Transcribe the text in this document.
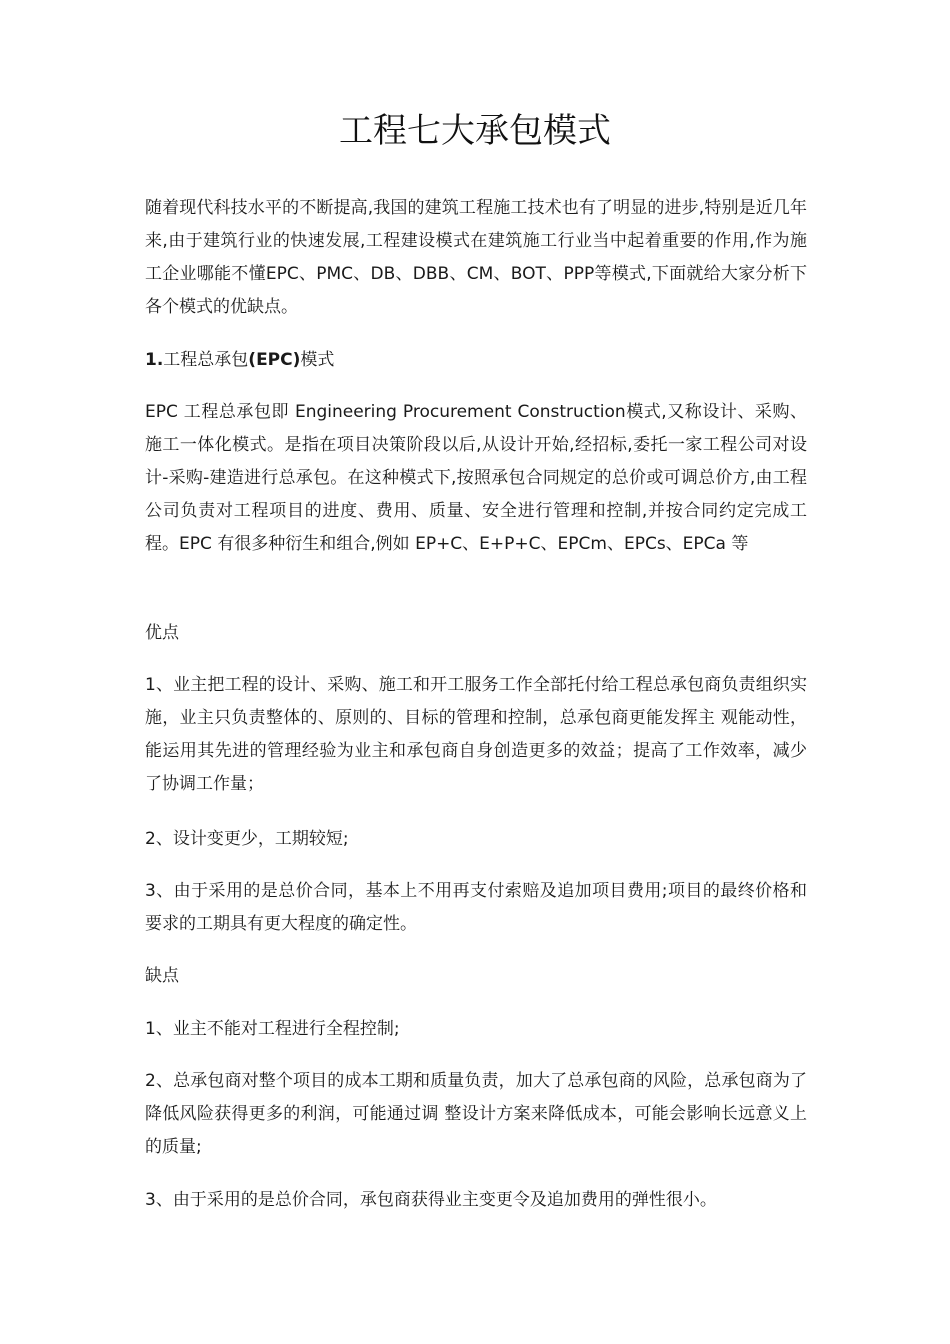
工程七大承包模式

随着现代科技水平的不断提高,我国的建筑工程施工技术也有了明显的进步,特别是近几年来,由于建筑行业的快速发展,工程建设模式在建筑施工行业当中起着重要的作用,作为施工企业哪能不懂EPC、PMC、DB、DBB、CM、BOT、PPP等模式,下面就给大家分析下各个模式的优缺点。

1.工程总承包(EPC)模式

EPC 工程总承包即 Engineering Procurement Construction模式,又称设计、采购、施工一体化模式。是指在项目决策阶段以后,从设计开始,经招标,委托一家工程公司对设计-采购-建造进行总承包。在这种模式下,按照承包合同规定的总价或可调总价方,由工程公司负责对工程项目的进度、费用、质量、安全进行管理和控制,并按合同约定完成工程。EPC 有很多种衍生和组合,例如 EP+C、E+P+C、EPCm、EPCs、EPCa 等

优点

1、业主把工程的设计、采购、施工和开工服务工作全部托付给工程总承包商负责组织实施，业主只负责整体的、原则的、目标的管理和控制，总承包商更能发挥主 观能动性，能运用其先进的管理经验为业主和承包商自身创造更多的效益；提高了工作效率，减少了协调工作量；

2、设计变更少，工期较短;

3、由于采用的是总价合同，基本上不用再支付索赔及追加项目费用;项目的最终价格和要求的工期具有更大程度的确定性。

缺点

1、业主不能对工程进行全程控制;

2、总承包商对整个项目的成本工期和质量负责，加大了总承包商的风险，总承包商为了降低风险获得更多的利润，可能通过调 整设计方案来降低成本，可能会影响长远意义上的质量;

3、由于采用的是总价合同，承包商获得业主变更令及追加费用的弹性很小。
